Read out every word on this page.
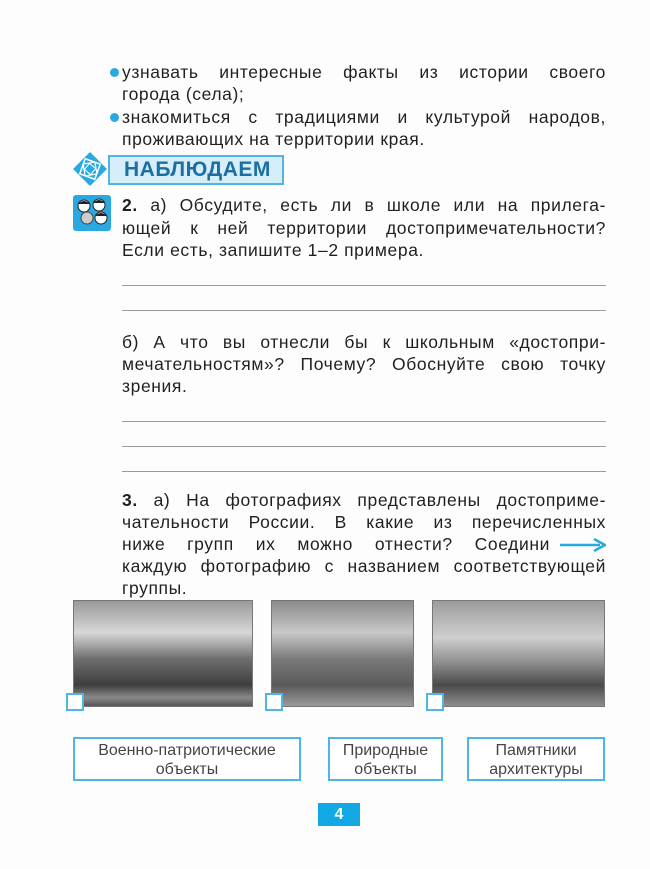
узнавать интересные факты из истории своего
города (села);
знакомиться с традициями и культурой народов,
проживающих на территории края.
НАБЛЮДАЕМ
2. а) Обсудите, есть ли в школе или на прилега-
ющей к ней территории достопримечательности?
Если есть, запишите 1–2 примера.
б) А что вы отнесли бы к школьным «достопри-
мечательностям»? Почему? Обоснуйте свою точку
зрения.
3. а) На фотографиях представлены достоприме-
чательности России. В какие из перечисленных
ниже групп их можно отнести? Соедини
каждую фотографию с названием соответствующей
группы.
Военно-патриотические
объекты
Природные
объекты
Памятники
архитектуры
4
